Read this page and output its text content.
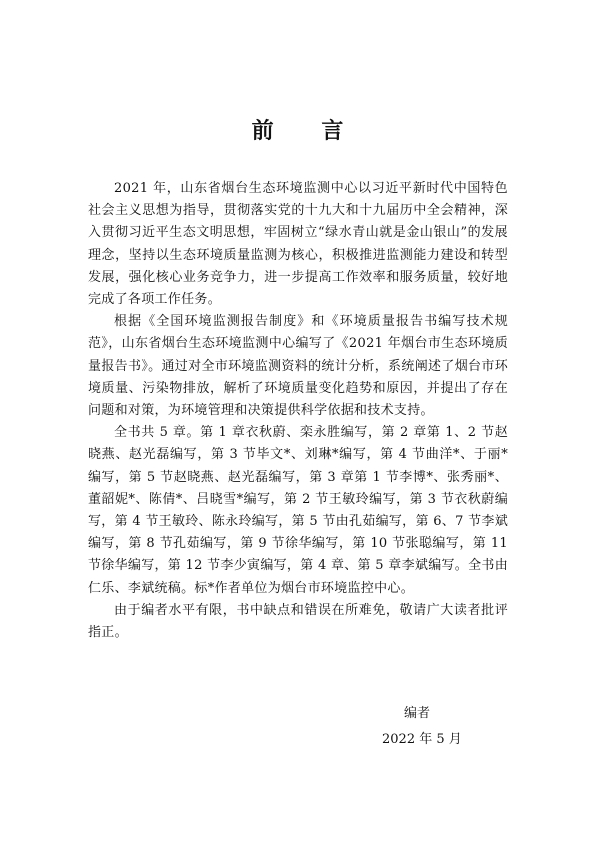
前 言

2021 年，山东省烟台生态环境监测中心以习近平新时代中国特色社会主义思想为指导，贯彻落实党的十九大和十九届历中全会精神，深入贯彻习近平生态文明思想，牢固树立“绿水青山就是金山银山”的发展理念，坚持以生态环境质量监测为核心，积极推进监测能力建设和转型发展，强化核心业务竞争力，进一步提高工作效率和服务质量，较好地完成了各项工作任务。

根据《全国环境监测报告制度》和《环境质量报告书编写技术规范》，山东省烟台生态环境监测中心编写了《2021 年烟台市生态环境质量报告书》。通过对全市环境监测资料的统计分析，系统阐述了烟台市环境质量、污染物排放，解析了环境质量变化趋势和原因，并提出了存在问题和对策，为环境管理和决策提供科学依据和技术支持。

全书共 5 章。第 1 章衣秋蔚、栾永胜编写，第 2 章第 1、2 节赵晓燕、赵光磊编写，第 3 节毕文*、刘琳*编写，第 4 节曲洋*、于丽*编写，第 5 节赵晓燕、赵光磊编写，第 3 章第 1 节李博*、张秀丽*、董韶妮*、陈倩*、吕晓雪*编写，第 2 节王敏玲编写，第 3 节衣秋蔚编写，第 4 节王敏玲、陈永玲编写，第 5 节由孔茹编写，第 6、7 节李斌编写，第 8 节孔茹编写，第 9 节徐华编写，第 10 节张聪编写，第 11 节徐华编写，第 12 节李少寅编写，第 4 章、第 5 章李斌编写。全书由仁乐、李斌统稿。标*作者单位为烟台市环境监控中心。

由于编者水平有限，书中缺点和错误在所难免，敬请广大读者批评指正。

编者
2022 年 5 月
